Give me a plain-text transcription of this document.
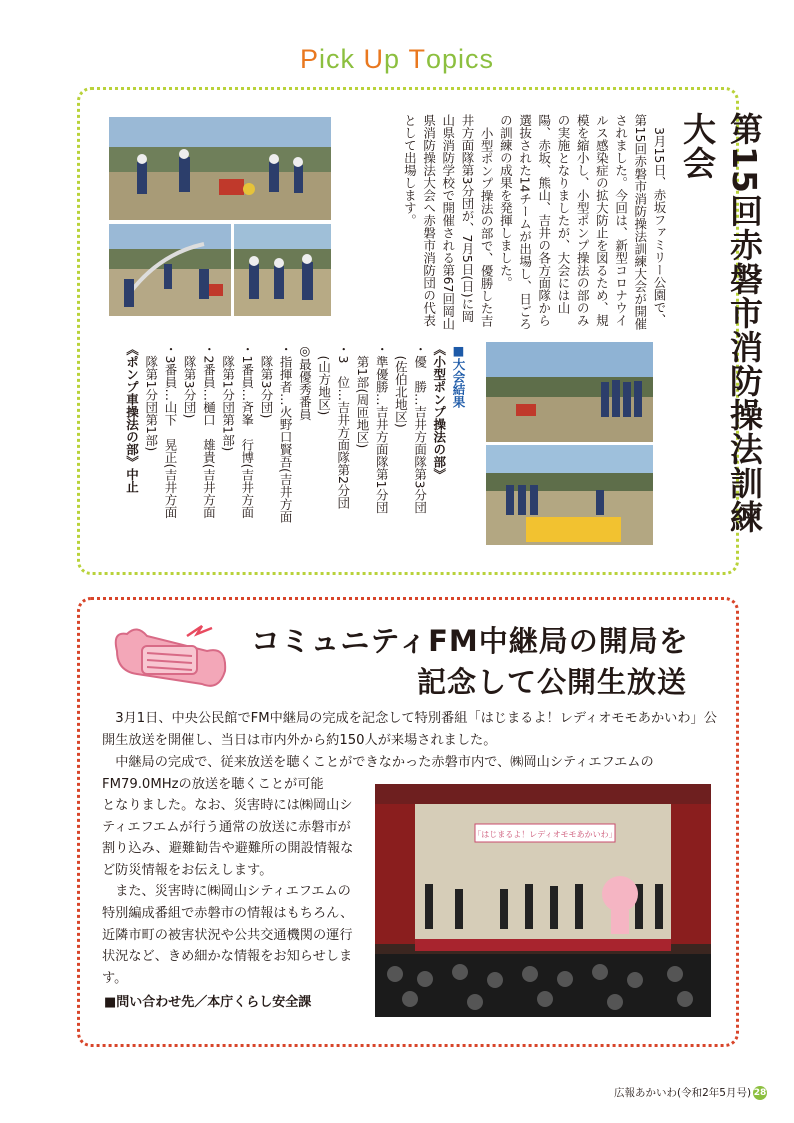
Pick Up Topics
第15回赤磐市消防操法訓練大会

3月15日、赤坂ファミリー公園で、第15回赤磐市消防操法訓練大会が開催されました。今回は、新型コロナウイルス感染症の拡大防止を図るため、規模を縮小し、小型ポンプ操法の部のみの実施となりましたが、大会には山陽、赤坂、熊山、吉井の各方面隊から選抜された14チームが出場し、日ごろの訓練の成果を発揮しました。

小型ポンプ操法の部で、優勝した吉井方面隊第3分団が、7月5日(日)に岡山県消防学校で開催される第67回岡山県消防操法大会へ赤磐市消防団の代表として出場します。

■大会結果
《小型ポンプ操法の部》
・優　勝…吉井方面隊第3分団
　(佐伯北地区)
・準優勝…吉井方面隊第1分団
　第1部(周匝地区)
・3　位…吉井方面隊第2分団
　(山方地区)
◎最優秀番員
・指揮者…火野口賢吾(吉井方面
　隊第3分団)
・1番員…斉峯　行博(吉井方面
　隊第1分団第1部)
・2番員…樋口　雄貴(吉井方面
　隊第3分団)
・3番員…山下　晃正(吉井方面
　隊第1分団第1部)
《ポンプ車操法の部》中止
コミュニティFM中継局の開局を
記念して公開生放送

3月1日、中央公民館でFM中継局の完成を記念して特別番組「はじまるよ！レディオモモあかいわ」公開生放送を開催し、当日は市内外から約150人が来場されました。

中継局の完成で、従来放送を聴くことができなかった赤磐市内で、㈱岡山シティエフエムのFM79.0MHzの放送を聴くことが可能

「はじまるよ！レディオモモあかいわ」

となりました。なお、災害時には㈱岡山シティエフエムが行う通常の放送に赤磐市が割り込み、避難勧告や避難所の開設情報など防災情報をお伝えします。

また、災害時に㈱岡山シティエフエムの特別編成番組で赤磐市の情報はもちろん、近隣市町の被害状況や公共交通機関の運行状況など、きめ細かな情報をお知らせします。

■問い合わせ先／本庁くらし安全課
広報あかいわ(令和2年5月号) 28
